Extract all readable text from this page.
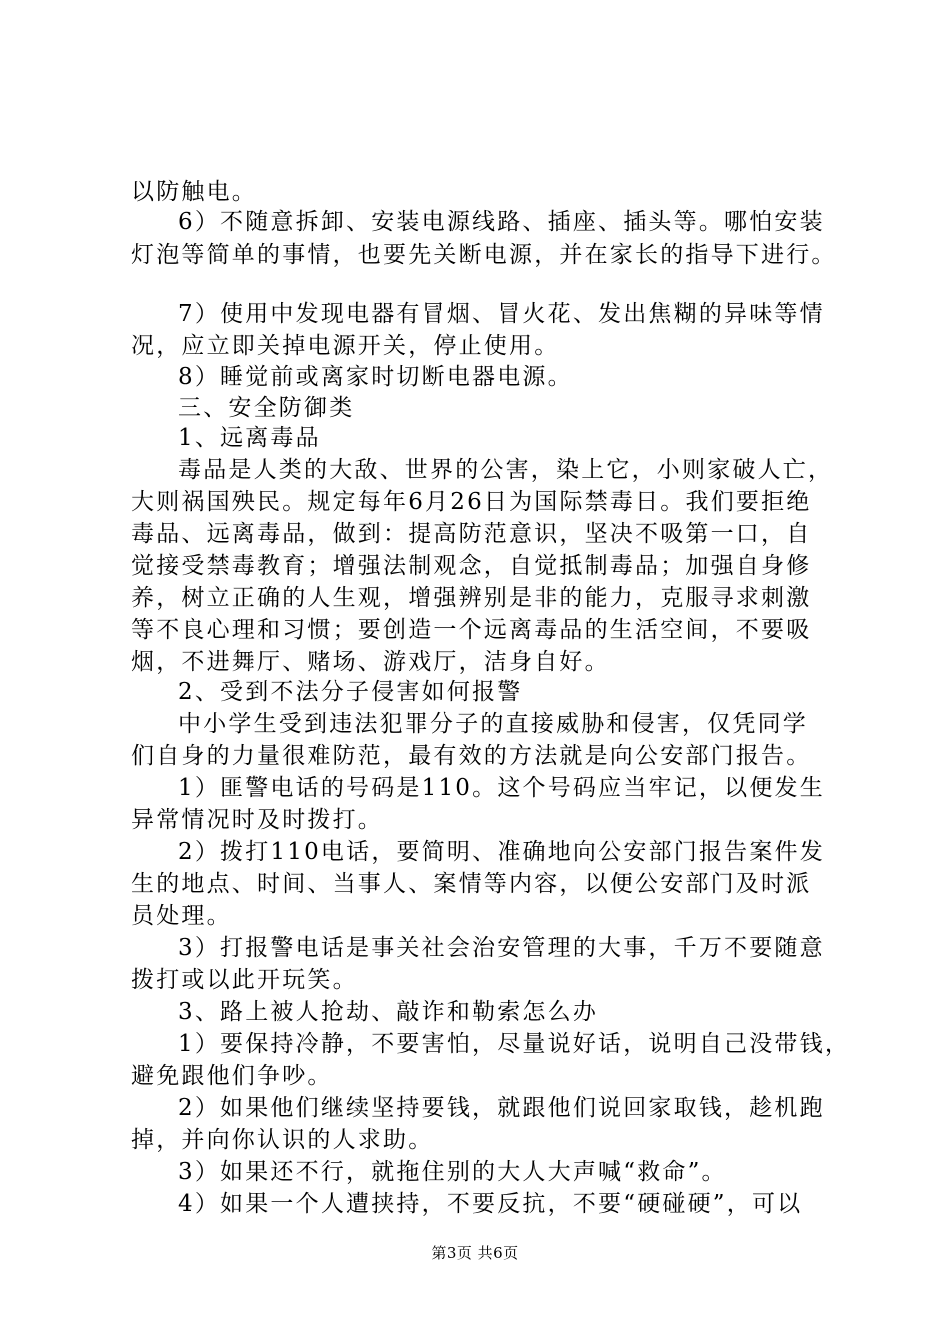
以防触电。
6）不随意拆卸、安装电源线路、插座、插头等。哪怕安装
灯泡等简单的事情，也要先关断电源，并在家长的指导下进行。
7）使用中发现电器有冒烟、冒火花、发出焦糊的异味等情
况，应立即关掉电源开关，停止使用。
8）睡觉前或离家时切断电器电源。
三、安全防御类
1、远离毒品
毒品是人类的大敌、世界的公害，染上它，小则家破人亡，
大则祸国殃民。规定每年6月26日为国际禁毒日。我们要拒绝
毒品、远离毒品，做到：提高防范意识，坚决不吸第一口，自
觉接受禁毒教育；增强法制观念，自觉抵制毒品；加强自身修
养，树立正确的人生观，增强辨别是非的能力，克服寻求刺激
等不良心理和习惯；要创造一个远离毒品的生活空间，不要吸
烟，不进舞厅、赌场、游戏厅，洁身自好。
2、受到不法分子侵害如何报警
中小学生受到违法犯罪分子的直接威胁和侵害，仅凭同学
们自身的力量很难防范，最有效的方法就是向公安部门报告。
1）匪警电话的号码是110。这个号码应当牢记，以便发生
异常情况时及时拨打。
2）拨打110电话，要简明、准确地向公安部门报告案件发
生的地点、时间、当事人、案情等内容，以便公安部门及时派
员处理。
3）打报警电话是事关社会治安管理的大事，千万不要随意
拨打或以此开玩笑。
3、路上被人抢劫、敲诈和勒索怎么办
1）要保持冷静，不要害怕，尽量说好话，说明自己没带钱，
避免跟他们争吵。
2）如果他们继续坚持要钱，就跟他们说回家取钱，趁机跑
掉，并向你认识的人求助。
3）如果还不行，就拖住别的大人大声喊“救命”。
4）如果一个人遭挟持，不要反抗，不要“硬碰硬”，可以
第3页 共6页
